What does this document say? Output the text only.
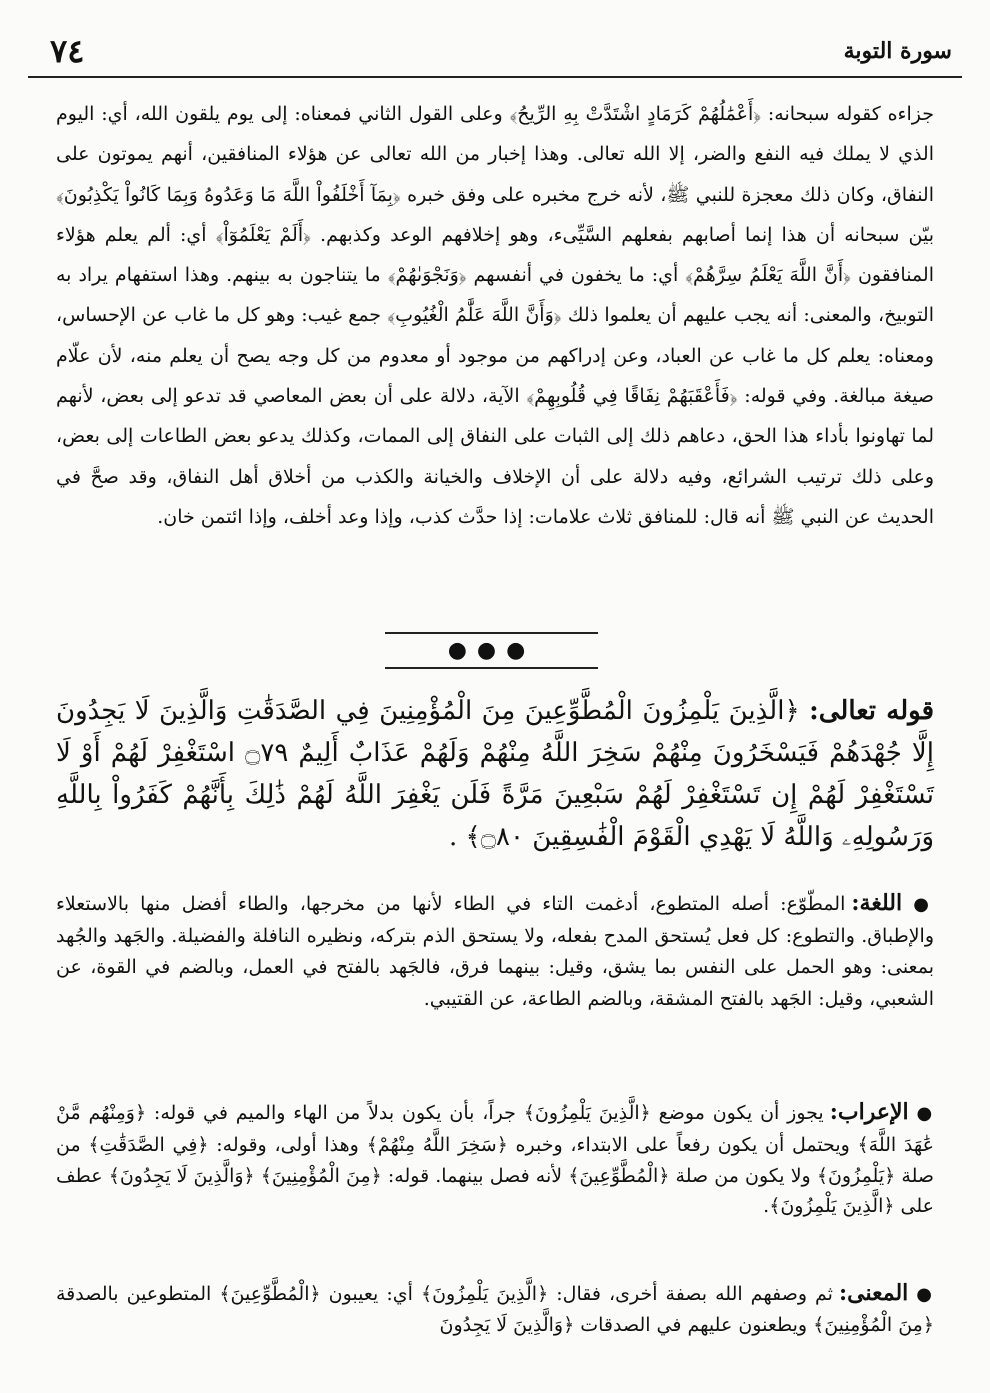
٧٤	سورة التوبة
جزاءه كقوله سبحانه: ﴿أَعْمَٰلُهُمْ كَرَمَادٍ اشْتَدَّتْ بِهِ الرِّيحُ﴾ وعلى القول الثاني فمعناه: إلى يوم يلقون الله، أي: اليوم الذي لا يملك فيه النفع والضر، إلا الله تعالى. وهذا إخبار من الله تعالى عن هؤلاء المنافقين، أنهم يموتون على النفاق، وكان ذلك معجزة للنبي ﷺ، لأنه خرج مخبره على وفق خبره ﴿بِمَآ أَخْلَفُواْ اللَّهَ مَا وَعَدُوهُ وَبِمَا كَانُواْ يَكْذِبُونَ﴾ بيّن سبحانه أن هذا إنما أصابهم بفعلهم السَّيِّىء، وهو إخلافهم الوعد وكذبهم. ﴿أَلَمْ يَعْلَمُوٓاْ﴾ أي: ألم يعلم هؤلاء المنافقون ﴿أَنَّ اللَّهَ يَعْلَمُ سِرَّهُمْ﴾ أي: ما يخفون في أنفسهم ﴿وَنَجْوَىٰهُمْ﴾ ما يتناجون به بينهم. وهذا استفهام يراد به التوبيخ، والمعنى: أنه يجب عليهم أن يعلموا ذلك ﴿وَأَنَّ اللَّهَ عَلَّٰمُ الْغُيُوبِ﴾ جمع غيب: وهو كل ما غاب عن الإحساس، ومعناه: يعلم كل ما غاب عن العباد، وعن إدراكهم من موجود أو معدوم من كل وجه يصح أن يعلم منه، لأن علّام صيغة مبالغة. وفي قوله: ﴿فَأَعْقَبَهُمْ نِفَاقًا فِي قُلُوبِهِمْ﴾ الآية، دلالة على أن بعض المعاصي قد تدعو إلى بعض، لأنهم لما تهاونوا بأداء هذا الحق، دعاهم ذلك إلى الثبات على النفاق إلى الممات، وكذلك يدعو بعض الطاعات إلى بعض، وعلى ذلك ترتيب الشرائع، وفيه دلالة على أن الإخلاف والخيانة والكذب من أخلاق أهل النفاق، وقد صحَّ في الحديث عن النبي ﷺ أنه قال: للمنافق ثلاث علامات: إذا حدَّث كذب، وإذا وعد أخلف، وإذا ائتمن خان.
●●●
قوله تعالى: ﴿الَّذِينَ يَلْمِزُونَ الْمُطَّوِّعِينَ مِنَ الْمُؤْمِنِينَ فِي الصَّدَقَٰتِ وَالَّذِينَ لَا يَجِدُونَ إِلَّا جُهْدَهُمْ فَيَسْخَرُونَ مِنْهُمْ سَخِرَ اللَّهُ مِنْهُمْ وَلَهُمْ عَذَابٌ أَلِيمٌ ۝٧٩ اسْتَغْفِرْ لَهُمْ أَوْ لَا تَسْتَغْفِرْ لَهُمْ إِن تَسْتَغْفِرْ لَهُمْ سَبْعِينَ مَرَّةً فَلَن يَغْفِرَ اللَّهُ لَهُمْ ذَٰلِكَ بِأَنَّهُمْ كَفَرُواْ بِاللَّهِ وَرَسُولِهِۦ وَاللَّهُ لَا يَهْدِي الْقَوْمَ الْفَٰسِقِينَ ۝٨٠﴾ .
● اللغة: المطّوّع: أصله المتطوع، أدغمت التاء في الطاء لأنها من مخرجها، والطاء أفضل منها بالاستعلاء والإطباق. والتطوع: كل فعل يُستحق المدح بفعله، ولا يستحق الذم بتركه، ونظيره النافلة والفضيلة. والجَهد والجُهد بمعنى: وهو الحمل على النفس بما يشق، وقيل: بينهما فرق، فالجَهد بالفتح في العمل، وبالضم في القوة، عن الشعبي، وقيل: الجَهد بالفتح المشقة، وبالضم الطاعة، عن القتيبي.
● الإعراب: يجوز أن يكون موضع ﴿الَّذِينَ يَلْمِزُونَ﴾ جراً، بأن يكون بدلاً من الهاء والميم في قوله: ﴿وَمِنْهُم مَّنْ عَٰهَدَ اللَّهَ﴾ ويحتمل أن يكون رفعاً على الابتداء، وخبره ﴿سَخِرَ اللَّهُ مِنْهُمْ﴾ وهذا أولى، وقوله: ﴿فِي الصَّدَقَٰتِ﴾ من صلة ﴿يَلْمِزُونَ﴾ ولا يكون من صلة ﴿الْمُطَّوِّعِينَ﴾ لأنه فصل بينهما. قوله: ﴿مِنَ الْمُؤْمِنِينَ﴾ ﴿وَالَّذِينَ لَا يَجِدُونَ﴾ عطف على ﴿الَّذِينَ يَلْمِزُونَ﴾.
● المعنى: ثم وصفهم الله بصفة أخرى، فقال: ﴿الَّذِينَ يَلْمِزُونَ﴾ أي: يعيبون ﴿الْمُطَّوِّعِينَ﴾ المتطوعين بالصدقة ﴿مِنَ الْمُؤْمِنِينَ﴾ ويطعنون عليهم في الصدقات ﴿وَالَّذِينَ لَا يَجِدُونَ
